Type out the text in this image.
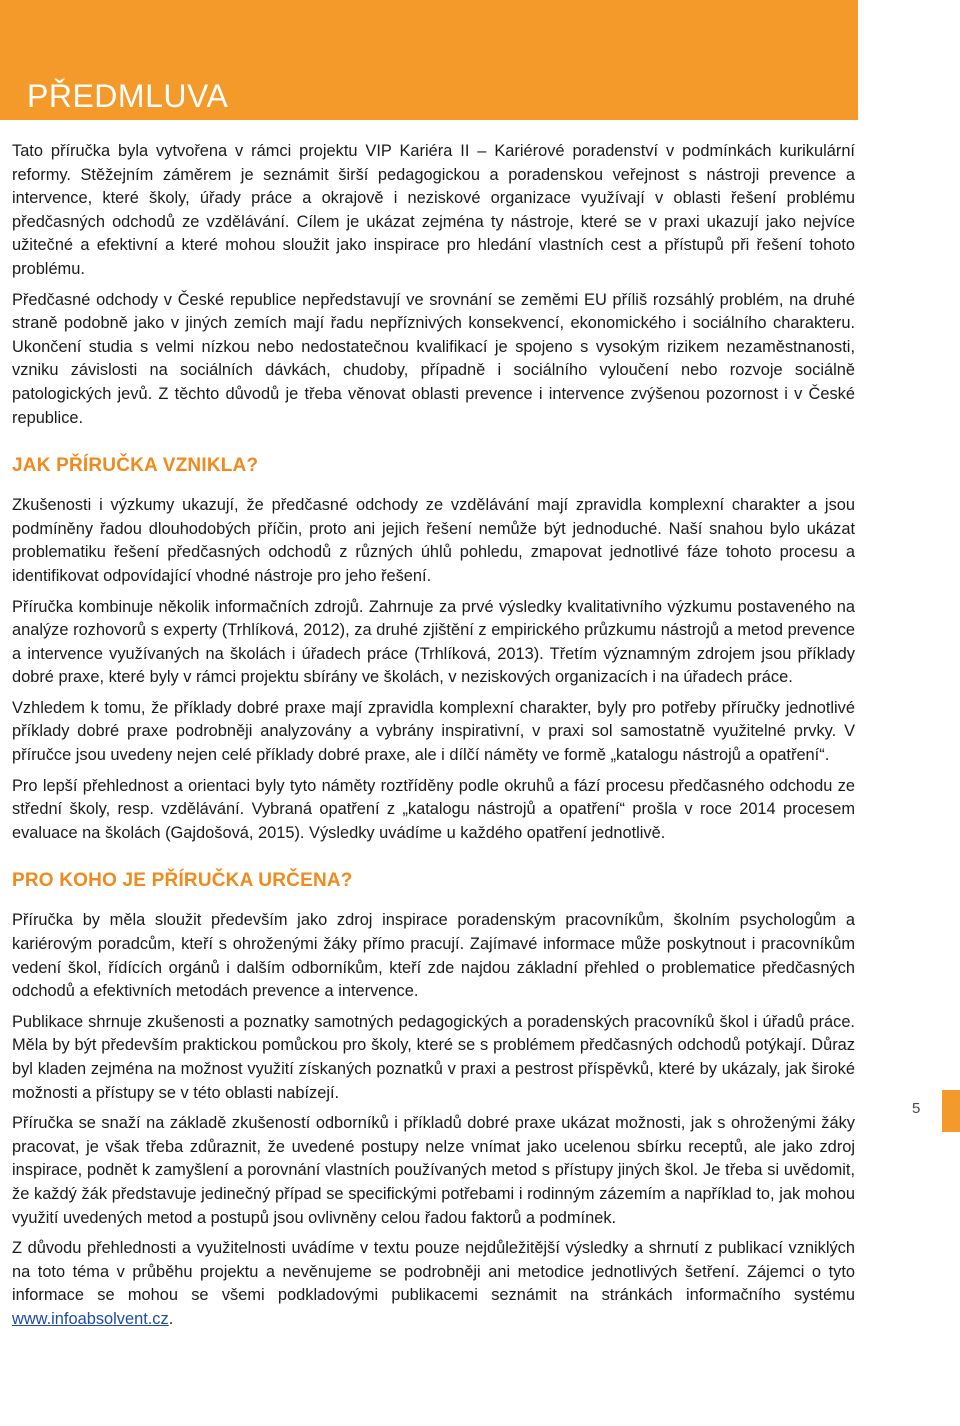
PŘEDMLUVA

Tato příručka byla vytvořena v rámci projektu VIP Kariéra II – Kariérové poradenství v podmínkách kurikulární reformy. Stěžejním záměrem je seznámit širší pedagogickou a poradenskou veřejnost s nástroji prevence a intervence, které školy, úřady práce a okrajově i neziskové organizace využívají v oblasti řešení problému předčasných odchodů ze vzdělávání. Cílem je ukázat zejména ty nástroje, které se v praxi ukazují jako nejvíce užitečné a efektivní a které mohou sloužit jako inspirace pro hledání vlastních cest a přístupů při řešení tohoto problému.

Předčasné odchody v České republice nepředstavují ve srovnání se zeměmi EU příliš rozsáhlý problém, na druhé straně podobně jako v jiných zemích mají řadu nepříznivých konsekvencí, ekonomického i sociálního charakteru. Ukončení studia s velmi nízkou nebo nedostatečnou kvalifikací je spojeno s vysokým rizikem nezaměstnanosti, vzniku závislosti na sociálních dávkách, chudoby, případně i sociálního vyloučení nebo rozvoje sociálně patologických jevů. Z těchto důvodů je třeba věnovat oblasti prevence i intervence zvýšenou pozornost i v České republice.

JAK PŘÍRUČKA VZNIKLA?

Zkušenosti i výzkumy ukazují, že předčasné odchody ze vzdělávání mají zpravidla komplexní charakter a jsou podmíněny řadou dlouhodobých příčin, proto ani jejich řešení nemůže být jednoduché. Naší snahou bylo ukázat problematiku řešení předčasných odchodů z různých úhlů pohledu, zmapovat jednotlivé fáze tohoto procesu a identifikovat odpovídající vhodné nástroje pro jeho řešení.

Příručka kombinuje několik informačních zdrojů. Zahrnuje za prvé výsledky kvalitativního výzkumu postaveného na analýze rozhovorů s experty (Trhlíková, 2012), za druhé zjištění z empirického průzkumu nástrojů a metod prevence a intervence využívaných na školách i úřadech práce (Trhlíková, 2013). Třetím významným zdrojem jsou příklady dobré praxe, které byly v rámci projektu sbírány ve školách, v neziskových organizacích i na úřadech práce.

Vzhledem k tomu, že příklady dobré praxe mají zpravidla komplexní charakter, byly pro potřeby příručky jednotlivé příklady dobré praxe podrobněji analyzovány a vybrány inspirativní, v praxi sol samostatně využitelné prvky. V příručce jsou uvedeny nejen celé příklady dobré praxe, ale i dílčí náměty ve formě „katalogu nástrojů a opatření“.

Pro lepší přehlednost a orientaci byly tyto náměty roztříděny podle okruhů a fází procesu předčasného odchodu ze střední školy, resp. vzdělávání. Vybraná opatření z „katalogu nástrojů a opatření“ prošla v roce 2014 procesem evaluace na školách (Gajdošová, 2015). Výsledky uvádíme u každého opatření jednotlivě.

PRO KOHO JE PŘÍRUČKA URČENA?

Příručka by měla sloužit především jako zdroj inspirace poradenským pracovníkům, školním psychologům a kariérovým poradcům, kteří s ohroženými žáky přímo pracují. Zajímavé informace může poskytnout i pracovníkům vedení škol, řídících orgánů i dalším odborníkům, kteří zde najdou základní přehled o problematice předčasných odchodů a efektivních metodách prevence a intervence.

Publikace shrnuje zkušenosti a poznatky samotných pedagogických a poradenských pracovníků škol i úřadů práce. Měla by být především praktickou pomůckou pro školy, které se s problémem předčasných odchodů potýkají. Důraz byl kladen zejména na možnost využití získaných poznatků v praxi a pestrost příspěvků, které by ukázaly, jak široké možnosti a přístupy se v této oblasti nabízejí.

Příručka se snaží na základě zkušeností odborníků i příkladů dobré praxe ukázat možnosti, jak s ohroženými žáky pracovat, je však třeba zdůraznit, že uvedené postupy nelze vnímat jako ucelenou sbírku receptů, ale jako zdroj inspirace, podnět k zamyšlení a porovnání vlastních používaných metod s přístupy jiných škol. Je třeba si uvědomit, že každý žák představuje jedinečný případ se specifickými potřebami i rodinným zázemím a například to, jak mohou využití uvedených metod a postupů jsou ovlivněny celou řadou faktorů a podmínek.

Z důvodu přehlednosti a využitelnosti uvádíme v textu pouze nejdůležitější výsledky a shrnutí z publikací vzniklých na toto téma v průběhu projektu a nevěnujeme se podrobněji ani metodice jednotlivých šetření. Zájemci o tyto informace se mohou se všemi podkladovými publikacemi seznámit na stránkách informačního systému www.infoabsolvent.cz.

5
